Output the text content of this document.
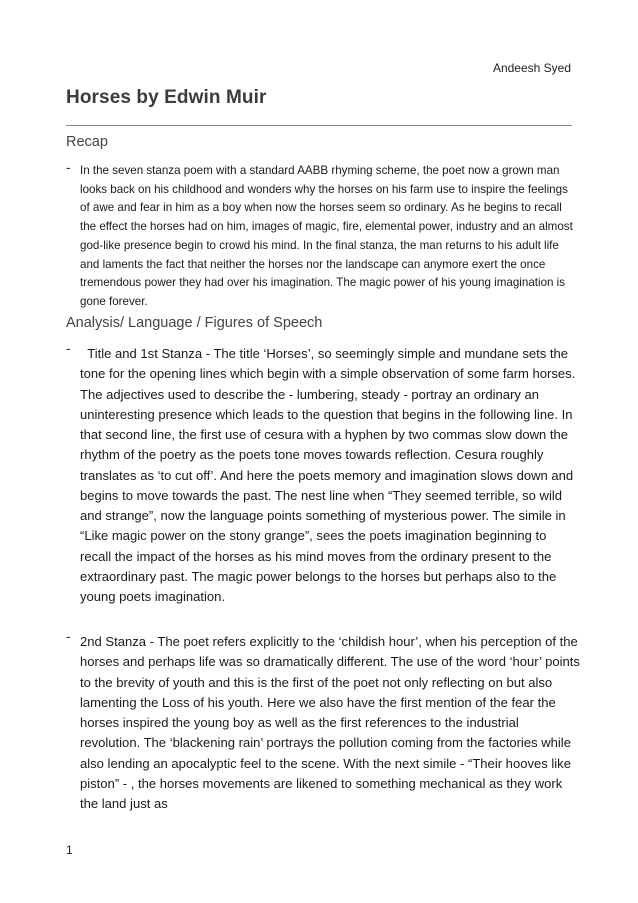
Andeesh Syed
Horses by Edwin Muir
Recap
- In the seven stanza poem with a standard AABB rhyming scheme, the poet now a grown man looks back on his childhood and wonders why the horses on his farm use to inspire the feelings of awe and fear in him as a boy when now the horses seem so ordinary. As he begins to recall the effect the horses had on him, images of magic, fire, elemental power, industry and an almost god-like presence begin to crowd his mind. In the final stanza, the man returns to his adult life and laments the fact that neither the horses nor the landscape can anymore exert the once tremendous power they had over his imagination. The magic power of his young imagination is gone forever.

Analysis/ Language / Figures of Speech
- Title and 1st Stanza - The title ‘Horses’, so seemingly simple and mundane sets the tone for the opening lines which begin with a simple observation of some farm horses. The adjectives used to describe the - lumbering, steady - portray an ordinary an uninteresting presence which leads to the question that begins in the following line. In that second line, the first use of cesura with a hyphen by two commas slow down the rhythm of the poetry as the poets tone moves towards reflection. Cesura roughly translates as ‘to cut off’. And here the poets memory and imagination slows down and begins to move towards the past. The nest line when “They seemed terrible, so wild and strange”, now the language points something of mysterious power. The simile in “Like magic power on the stony grange”, sees the poets imagination beginning to recall the impact of the horses as his mind moves from the ordinary present to the extraordinary past. The magic power belongs to the horses but perhaps also to the young poets imagination.

- 2nd Stanza - The poet refers explicitly to the ‘childish hour’, when his perception of the horses and perhaps life was so dramatically different. The use of the word ‘hour’ points to the brevity of youth and this is the first of the poet not only reflecting on but also lamenting the Loss of his youth. Here we also have the first mention of the fear the horses inspired the young boy as well as the first references to the industrial revolution. The ‘blackening rain’ portrays the pollution coming from the factories while also lending an apocalyptic feel to the scene. With the next simile - “Their hooves like piston” - , the horses movements are likened to something mechanical as they work the land just as

1
